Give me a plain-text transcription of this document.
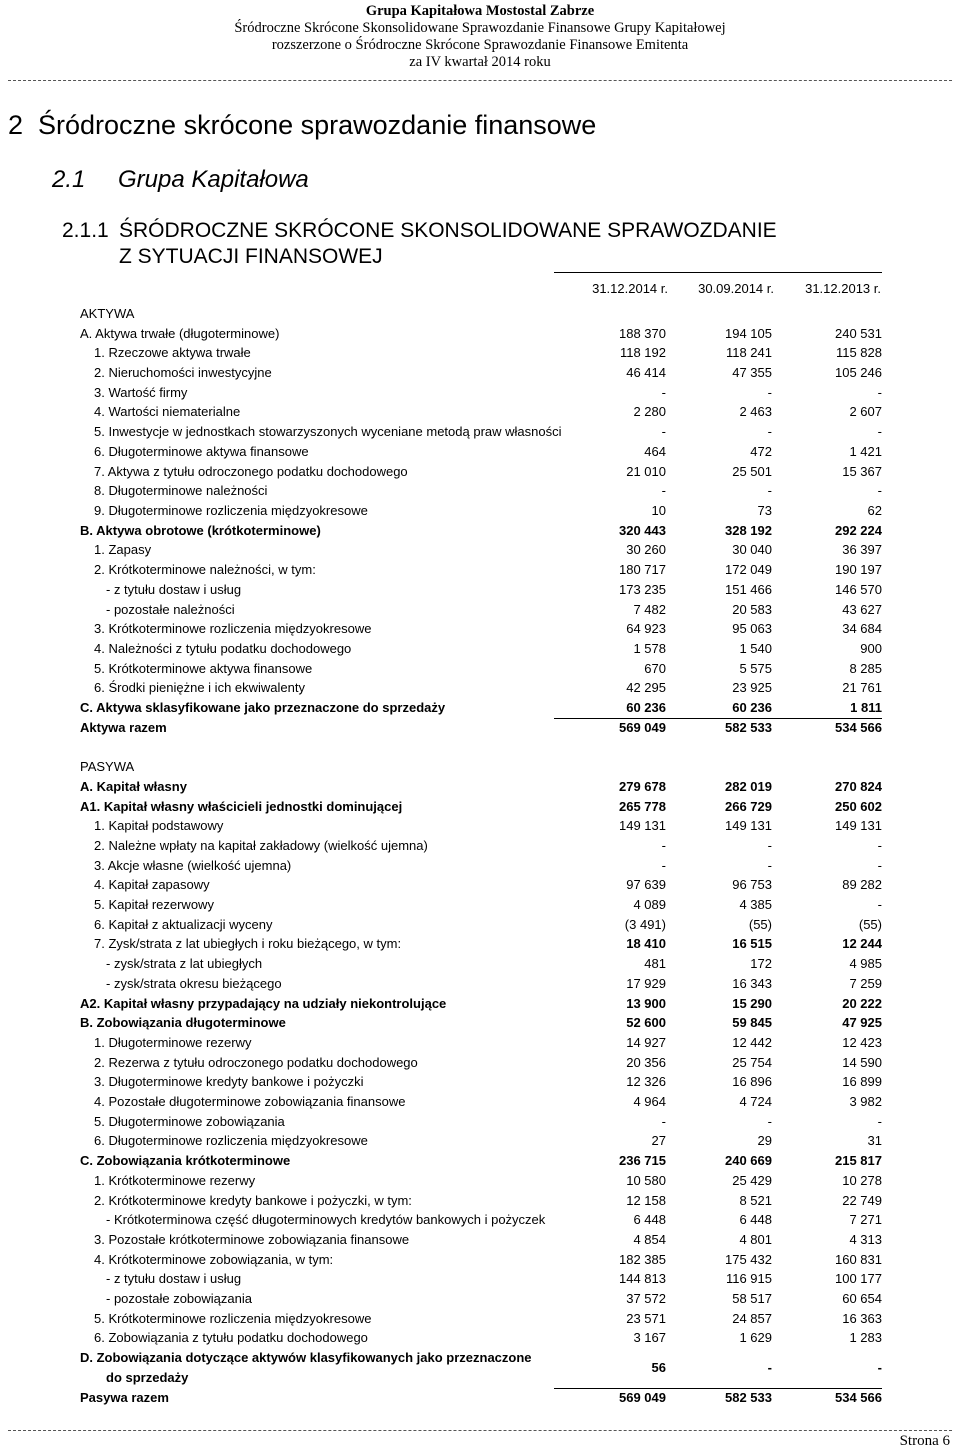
Grupa Kapitałowa Mostostal Zabrze
Śródroczne Skrócone Skonsolidowane Sprawozdanie Finansowe Grupy Kapitałowej
rozszerzone o Śródroczne Skrócone Sprawozdanie Finansowe Emitenta
za IV kwartał 2014 roku
2 Śródroczne skrócone sprawozdanie finansowe
2.1 Grupa Kapitałowa
2.1.1 ŚRÓDROCZNE SKRÓCONE SKONSOLIDOWANE SPRAWOZDANIE
Z SYTUACJI FINANSOWEJ
31.12.2014 r.	30.09.2014 r.	31.12.2013 r.
AKTYWA
A. Aktywa trwałe (długoterminowe)	188 370	194 105	240 531
1. Rzeczowe aktywa trwałe	118 192	118 241	115 828
2. Nieruchomości inwestycyjne	46 414	47 355	105 246
3. Wartość firmy	-	-	-
4. Wartości niematerialne	2 280	2 463	2 607
5. Inwestycje w jednostkach stowarzyszonych wyceniane metodą praw własności	-	-	-
6. Długoterminowe aktywa finansowe	464	472	1 421
7. Aktywa z tytułu odroczonego podatku dochodowego	21 010	25 501	15 367
8. Długoterminowe należności	-	-	-
9. Długoterminowe rozliczenia międzyokresowe	10	73	62
B. Aktywa obrotowe (krótkoterminowe)	320 443	328 192	292 224
1. Zapasy	30 260	30 040	36 397
2. Krótkoterminowe należności, w tym:	180 717	172 049	190 197
- z tytułu dostaw i usług	173 235	151 466	146 570
- pozostałe należności	7 482	20 583	43 627
3. Krótkoterminowe rozliczenia międzyokresowe	64 923	95 063	34 684
4. Należności z tytułu podatku dochodowego	1 578	1 540	900
5. Krótkoterminowe aktywa finansowe	670	5 575	8 285
6. Środki pieniężne i ich ekwiwalenty	42 295	23 925	21 761
C. Aktywa sklasyfikowane jako przeznaczone do sprzedaży	60 236	60 236	1 811
Aktywa razem	569 049	582 533	534 566
PASYWA
A. Kapitał własny	279 678	282 019	270 824
A1. Kapitał własny właścicieli jednostki dominującej	265 778	266 729	250 602
1. Kapitał podstawowy	149 131	149 131	149 131
2. Należne wpłaty na kapitał zakładowy (wielkość ujemna)	-	-	-
3. Akcje własne (wielkość ujemna)	-	-	-
4. Kapitał zapasowy	97 639	96 753	89 282
5. Kapitał rezerwowy	4 089	4 385	-
6. Kapitał z aktualizacji wyceny	(3 491)	(55)	(55)
7. Zysk/strata z lat ubiegłych i roku bieżącego, w tym:	18 410	16 515	12 244
- zysk/strata z lat ubiegłych	481	172	4 985
- zysk/strata okresu bieżącego	17 929	16 343	7 259
A2. Kapitał własny przypadający na udziały niekontrolujące	13 900	15 290	20 222
B. Zobowiązania długoterminowe	52 600	59 845	47 925
1. Długoterminowe rezerwy	14 927	12 442	12 423
2. Rezerwa z tytułu odroczonego podatku dochodowego	20 356	25 754	14 590
3. Długoterminowe kredyty bankowe i pożyczki	12 326	16 896	16 899
4. Pozostałe długoterminowe zobowiązania finansowe	4 964	4 724	3 982
5. Długoterminowe zobowiązania	-	-	-
6. Długoterminowe rozliczenia międzyokresowe	27	29	31
C. Zobowiązania krótkoterminowe	236 715	240 669	215 817
1. Krótkoterminowe rezerwy	10 580	25 429	10 278
2. Krótkoterminowe kredyty bankowe i pożyczki, w tym:	12 158	8 521	22 749
- Krótkoterminowa część długoterminowych kredytów bankowych i pożyczek	6 448	6 448	7 271
3. Pozostałe krótkoterminowe zobowiązania finansowe	4 854	4 801	4 313
4. Krótkoterminowe zobowiązania, w tym:	182 385	175 432	160 831
- z tytułu dostaw i usług	144 813	116 915	100 177
- pozostałe zobowiązania	37 572	58 517	60 654
5. Krótkoterminowe rozliczenia międzyokresowe	23 571	24 857	16 363
6. Zobowiązania z tytułu podatku dochodowego	3 167	1 629	1 283
D. Zobowiązania dotyczące aktywów klasyfikowanych jako przeznaczone
do sprzedaży
56	-	-
Pasywa razem	569 049	582 533	534 566
Strona 6
